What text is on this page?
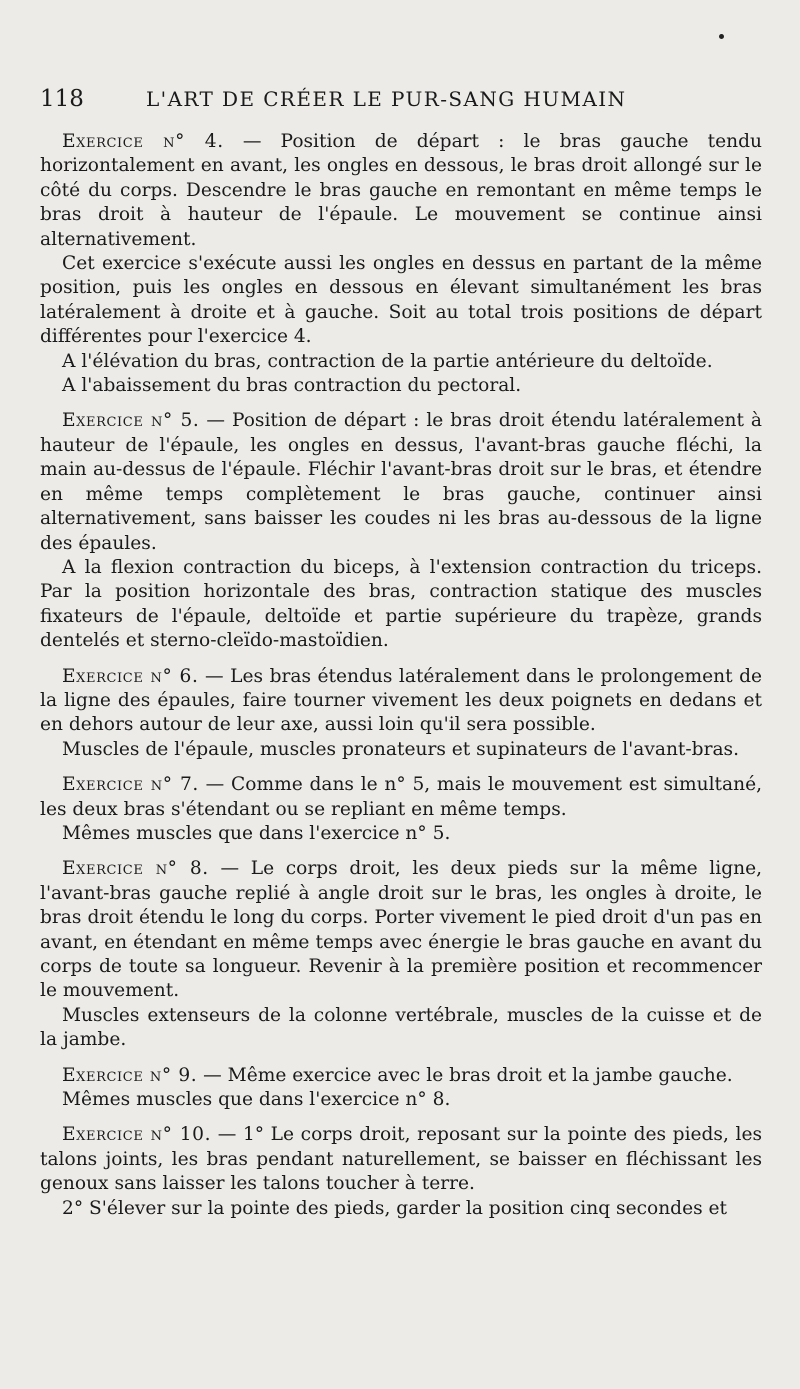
118	L'ART DE CRÉER LE PUR-SANG HUMAIN

Exercice n° 4. — Position de départ : le bras gauche tendu horizontalement en avant, les ongles en dessous, le bras droit allongé sur le côté du corps. Descendre le bras gauche en remontant en même temps le bras droit à hauteur de l'épaule. Le mouvement se continue ainsi alternativement.

Cet exercice s'exécute aussi les ongles en dessus en partant de la même position, puis les ongles en dessous en élevant simultanément les bras latéralement à droite et à gauche. Soit au total trois positions de départ différentes pour l'exercice 4.

A l'élévation du bras, contraction de la partie antérieure du deltoïde.

A l'abaissement du bras contraction du pectoral.

Exercice n° 5. — Position de départ : le bras droit étendu latéralement à hauteur de l'épaule, les ongles en dessus, l'avant-bras gauche fléchi, la main au-dessus de l'épaule. Fléchir l'avant-bras droit sur le bras, et étendre en même temps complètement le bras gauche, continuer ainsi alternativement, sans baisser les coudes ni les bras au-dessous de la ligne des épaules.

A la flexion contraction du biceps, à l'extension contraction du triceps. Par la position horizontale des bras, contraction statique des muscles fixateurs de l'épaule, deltoïde et partie supérieure du trapèze, grands dentelés et sterno-cleïdo-mastoïdien.

Exercice n° 6. — Les bras étendus latéralement dans le prolongement de la ligne des épaules, faire tourner vivement les deux poignets en dedans et en dehors autour de leur axe, aussi loin qu'il sera possible.

Muscles de l'épaule, muscles pronateurs et supinateurs de l'avant-bras.

Exercice n° 7. — Comme dans le n° 5, mais le mouvement est simultané, les deux bras s'étendant ou se repliant en même temps.

Mêmes muscles que dans l'exercice n° 5.

Exercice n° 8. — Le corps droit, les deux pieds sur la même ligne, l'avant-bras gauche replié à angle droit sur le bras, les ongles à droite, le bras droit étendu le long du corps. Porter vivement le pied droit d'un pas en avant, en étendant en même temps avec énergie le bras gauche en avant du corps de toute sa longueur. Revenir à la première position et recommencer le mouvement.

Muscles extenseurs de la colonne vertébrale, muscles de la cuisse et de la jambe.

Exercice n° 9. — Même exercice avec le bras droit et la jambe gauche.

Mêmes muscles que dans l'exercice n° 8.

Exercice n° 10. — 1° Le corps droit, reposant sur la pointe des pieds, les talons joints, les bras pendant naturellement, se baisser en fléchissant les genoux sans laisser les talons toucher à terre.

2° S'élever sur la pointe des pieds, garder la position cinq secondes et
